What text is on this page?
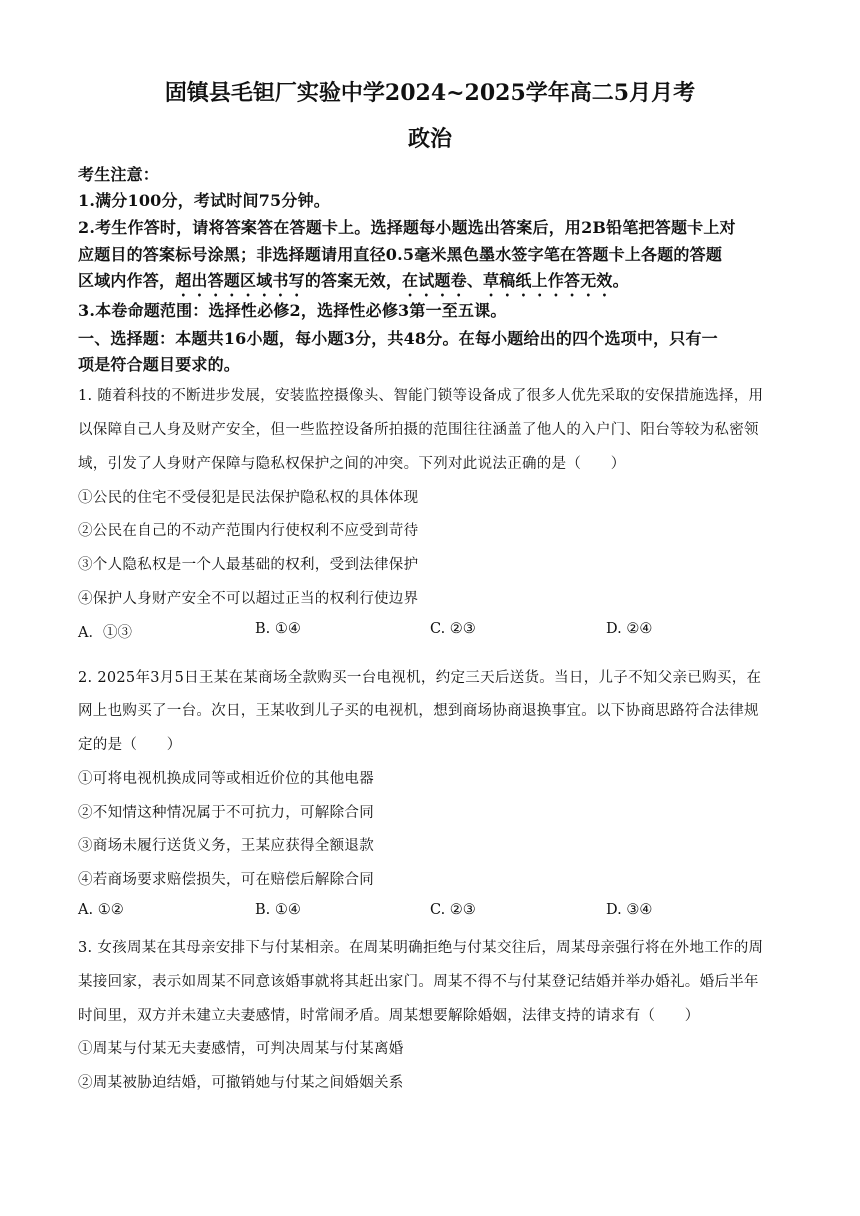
固镇县毛钽厂实验中学2024~2025学年高二5月月考
政治
考生注意：
1.满分100分，考试时间75分钟。
2.考生作答时，请将答案答在答题卡上。选择题每小题选出答案后，用2B铅笔把答题卡上对
应题目的答案标号涂黑；非选择题请用直径0.5毫米黑色墨水签字笔在答题卡上各题的答题
区域内作答，超出答题区域书写的答案无效，在试题卷、草稿纸上作答无效。
3.本卷命题范围：选择性必修2，选择性必修3第一至五课。
一、选择题：本题共16小题，每小题3分，共48分。在每小题给出的四个选项中，只有一
项是符合题目要求的。
1. 随着科技的不断进步发展，安装监控摄像头、智能门锁等设备成了很多人优先采取的安保措施选择，用
以保障自己人身及财产安全，但一些监控设备所拍摄的范围往往涵盖了他人的入户门、阳台等较为私密领
域，引发了人身财产保障与隐私权保护之间的冲突。下列对此说法正确的是（　　）
①公民的住宅不受侵犯是民法保护隐私权的具体体现
②公民在自己的不动产范围内行使权利不应受到苛待
③个人隐私权是一个人最基础的权利，受到法律保护
④保护人身财产安全不可以超过正当的权利行使边界
A．①③	B. ①④	C. ②③	D. ②④
2. 2025年3月5日王某在某商场全款购买一台电视机，约定三天后送货。当日，儿子不知父亲已购买，在
网上也购买了一台。次日，王某收到儿子买的电视机，想到商场协商退换事宜。以下协商思路符合法律规
定的是（　　）
①可将电视机换成同等或相近价位的其他电器
②不知情这种情况属于不可抗力，可解除合同
③商场未履行送货义务，王某应获得全额退款
④若商场要求赔偿损失，可在赔偿后解除合同
A. ①②	B. ①④	C. ②③	D. ③④
3. 女孩周某在其母亲安排下与付某相亲。在周某明确拒绝与付某交往后，周某母亲强行将在外地工作的周
某接回家，表示如周某不同意该婚事就将其赶出家门。周某不得不与付某登记结婚并举办婚礼。婚后半年
时间里，双方并未建立夫妻感情，时常闹矛盾。周某想要解除婚姻，法律支持的请求有（　　）
①周某与付某无夫妻感情，可判决周某与付某离婚
②周某被胁迫结婚，可撤销她与付某之间婚姻关系
